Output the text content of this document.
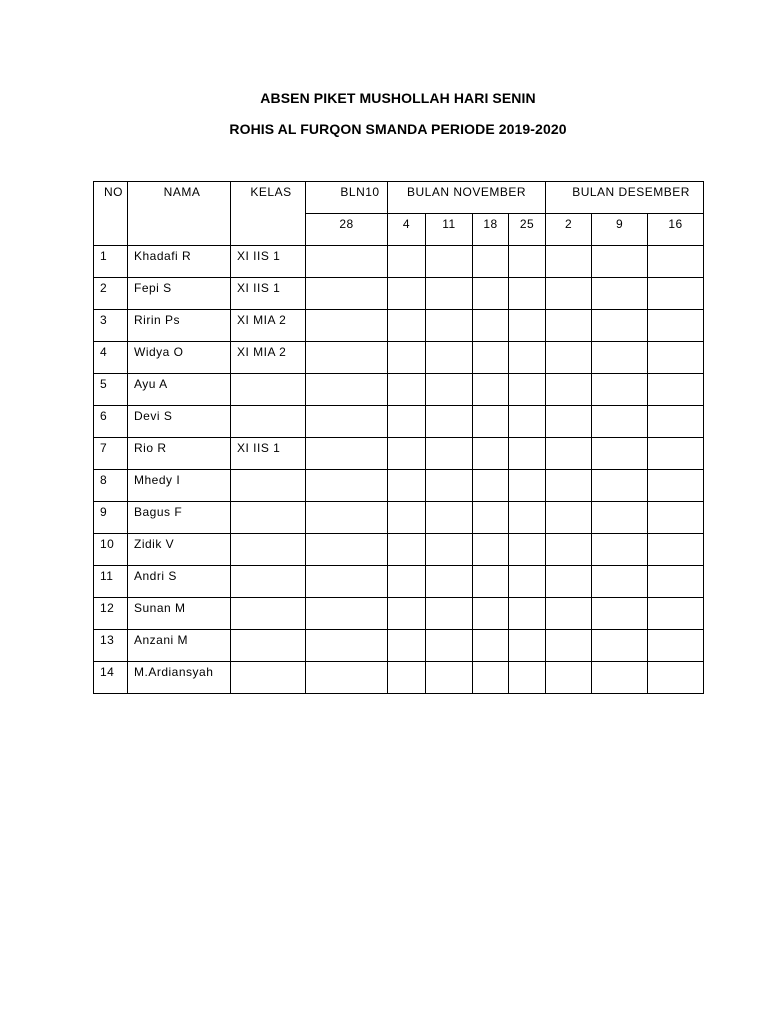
ABSEN PIKET MUSHOLLAH HARI SENIN
ROHIS AL FURQON SMANDA PERIODE 2019-2020
NO	NAMA	KELAS	BLN10	BULAN NOVEMBER				BULAN DESEMBER		

			28	4	11	18	25	2	9	16

1	Khadafi R	XI IIS 1								

2	Fepi S	XI IIS 1								

3	Ririn Ps	XI MIA 2								

4	Widya O	XI MIA 2								

5	Ayu A									

6	Devi S									

7	Rio R	XI IIS 1								

8	Mhedy I									

9	Bagus F									

10	Zidik V									

11	Andri S									

12	Sunan M									

13	Anzani M									

14	M.Ardiansyah									
